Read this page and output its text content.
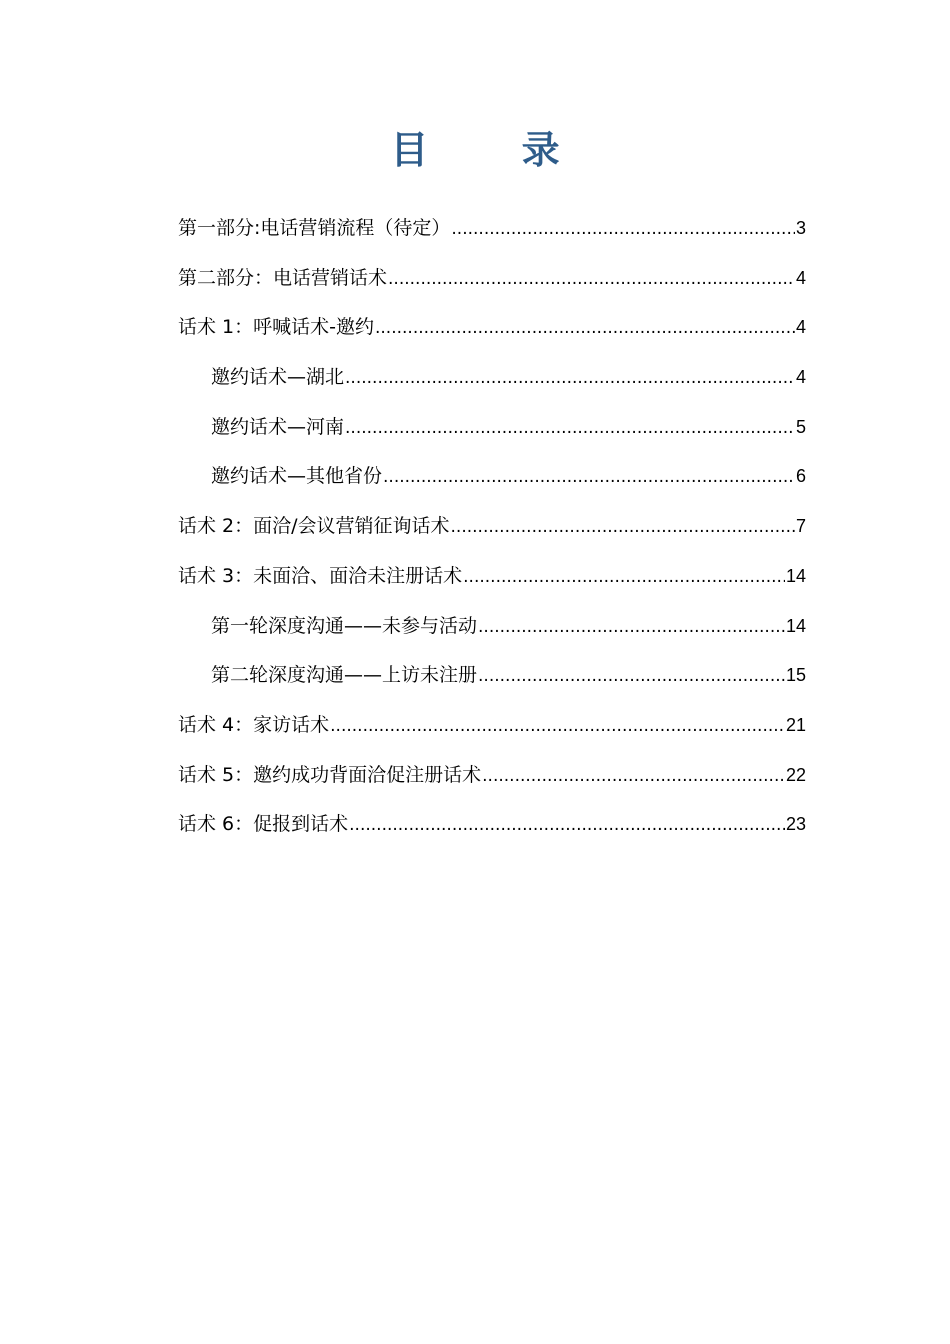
目 录
第一部分:电话营销流程（待定） .....	3
第二部分：电话营销话术 .....	4
话术 1：呼喊话术-邀约 .....	4
邀约话术—湖北 .....	4
邀约话术—河南 .....	5
邀约话术—其他省份 .....	6
话术 2：面洽/会议营销征询话术 .....	7
话术 3：未面洽、面洽未注册话术 .....	14
第一轮深度沟通——未参与活动 .....	14
第二轮深度沟通——上访未注册 .....	15
话术 4：家访话术 .....	21
话术 5：邀约成功背面洽促注册话术 .....	22
话术 6：促报到话术 .....	23
